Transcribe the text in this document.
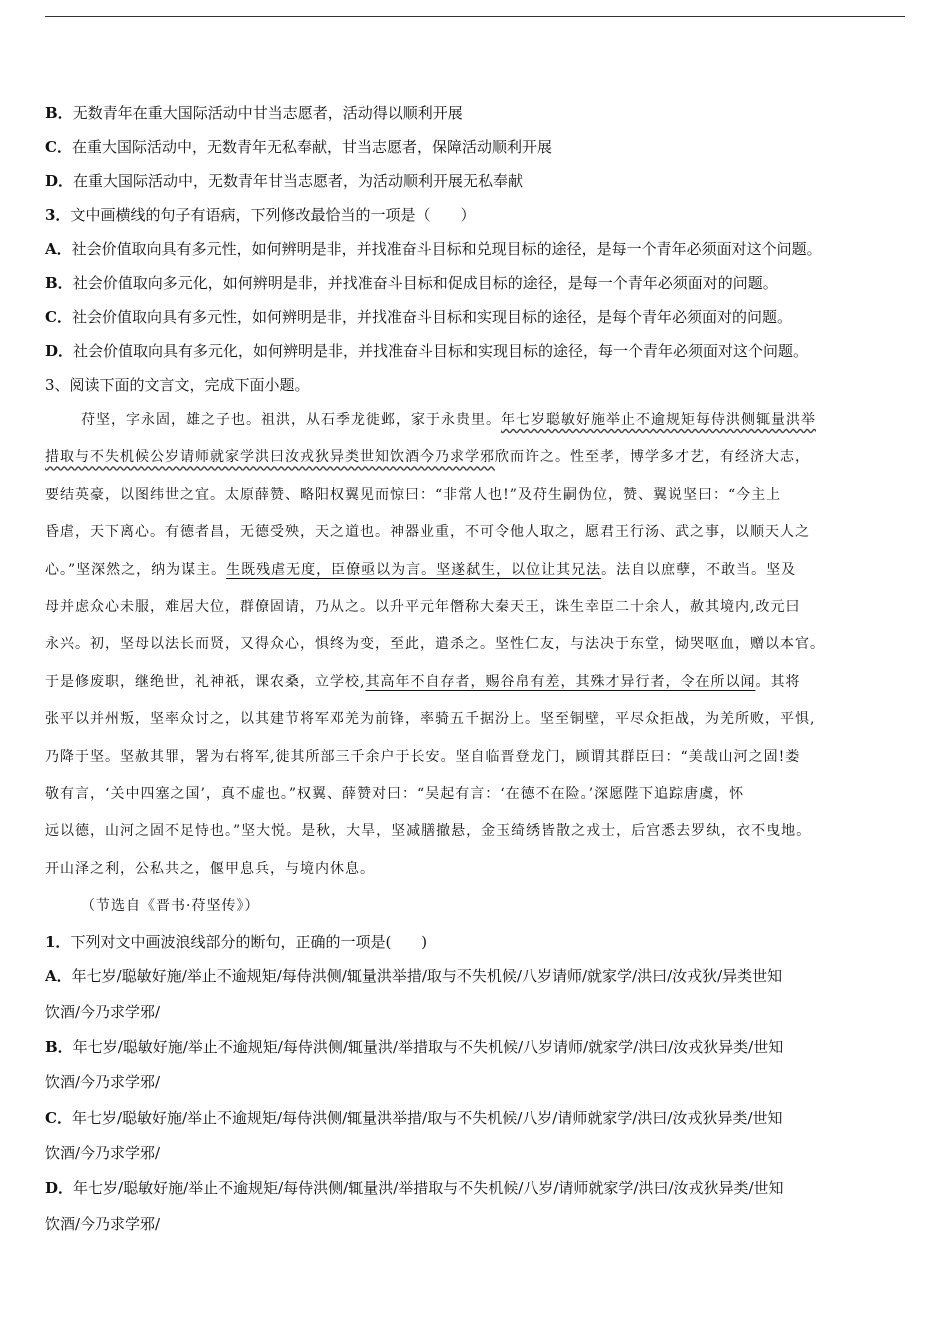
B．无数青年在重大国际活动中甘当志愿者，活动得以顺利开展
C．在重大国际活动中，无数青年无私奉献，甘当志愿者，保障活动顺利开展
D．在重大国际活动中，无数青年甘当志愿者，为活动顺利开展无私奉献
3．文中画横线的句子有语病，下列修改最恰当的一项是（　　）
A．社会价值取向具有多元性，如何辨明是非，并找准奋斗目标和兑现目标的途径，是每一个青年必须面对这个问题。
B．社会价值取向多元化，如何辨明是非，并找准奋斗目标和促成目标的途径，是每一个青年必须面对的问题。
C．社会价值取向具有多元性，如何辨明是非，并找准奋斗目标和实现目标的途径，是每个青年必须面对的问题。
D．社会价值取向具有多元化，如何辨明是非，并找准奋斗目标和实现目标的途径，每一个青年必须面对这个问题。
3、阅读下面的文言文，完成下面小题。
苻坚，字永固，雄之子也。祖洪，从石季龙徙邺，家于永贵里。年七岁聪敏好施举止不逾规矩每侍洪侧辄量洪举
措取与不失机候公岁请师就家学洪曰汝戎狄异类世知饮酒今乃求学邪欣而许之。性至孝，博学多才艺，有经济大志，
要结英豪，以图纬世之宜。太原薛赞、略阳权翼见而惊曰：“非常人也!”及苻生嗣伪位，赞、翼说坚曰：“今主上
昏虐，天下离心。有德者昌，无德受殃，天之道也。神器业重，不可令他人取之，愿君王行汤、武之事，以顺天人之
心。”坚深然之，纳为谋主。生既残虐无度，臣僚亟以为言。坚遂弑生，以位让其兄法。法自以庶孽，不敢当。坚及
母并虑众心未服，难居大位，群僚固请，乃从之。以升平元年僭称大秦天王，诛生幸臣二十余人，赦其境内,改元曰
永兴。初，坚母以法长而贤，又得众心，惧终为变，至此，遣杀之。坚性仁友，与法决于东堂，恸哭呕血，赠以本官。
于是修废职，继绝世，礼神祇，课农桑，立学校,其高年不自存者，赐谷帛有差，其殊才异行者，令在所以闻。其将
张平以并州叛，坚率众讨之，以其建节将军邓羌为前锋，率骑五千据汾上。坚至铜壁，平尽众拒战，为羌所败，平惧,
乃降于坚。坚赦其罪，署为右将军,徙其所部三千余户于长安。坚自临晋登龙门，顾谓其群臣曰：“美哉山河之固!娄
敬有言，‘关中四塞之国’，真不虚也。”权翼、薛赞对曰：“吴起有言：‘在德不在险。’深愿陛下追踪唐虞，怀
远以德，山河之固不足恃也。”坚大悦。是秋，大旱，坚减膳撤悬，金玉绮绣皆散之戎士，后宫悉去罗纨，衣不曳地。
开山泽之利，公私共之，偃甲息兵，与境内休息。
（节选自《晋书·苻坚传》）
1．下列对文中画波浪线部分的断句，正确的一项是(　　)
A．年七岁/聪敏好施/举止不逾规矩/每侍洪侧/辄量洪举措/取与不失机候/八岁请师/就家学/洪曰/汝戎狄/异类世知
饮酒/今乃求学邪/
B．年七岁/聪敏好施/举止不逾规矩/每侍洪侧/辄量洪/举措取与不失机候/八岁请师/就家学/洪曰/汝戎狄异类/世知
饮酒/今乃求学邪/
C．年七岁/聪敏好施/举止不逾规矩/每侍洪侧/辄量洪举措/取与不失机候/八岁/请师就家学/洪曰/汝戎狄异类/世知
饮酒/今乃求学邪/
D．年七岁/聪敏好施/举止不逾规矩/每侍洪侧/辄量洪/举措取与不失机候/八岁/请师就家学/洪曰/汝戎狄异类/世知
饮酒/今乃求学邪/
